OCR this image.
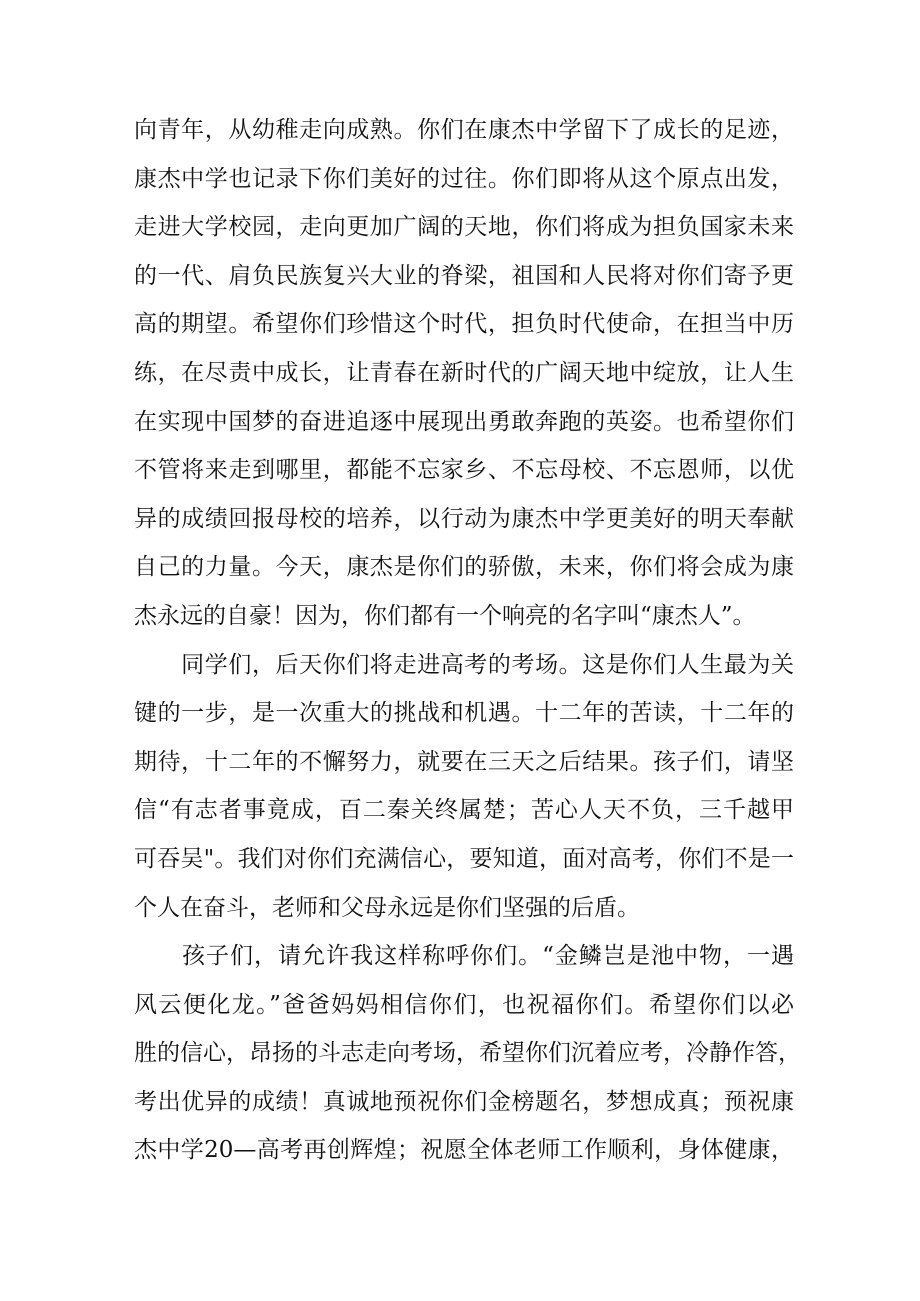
向青年，从幼稚走向成熟。你们在康杰中学留下了成长的足迹，
康杰中学也记录下你们美好的过往。你们即将从这个原点出发，
走进大学校园，走向更加广阔的天地，你们将成为担负国家未来
的一代、肩负民族复兴大业的脊梁，祖国和人民将对你们寄予更
高的期望。希望你们珍惜这个时代，担负时代使命，在担当中历
练，在尽责中成长，让青春在新时代的广阔天地中绽放，让人生
在实现中国梦的奋进追逐中展现出勇敢奔跑的英姿。也希望你们
不管将来走到哪里，都能不忘家乡、不忘母校、不忘恩师，以优
异的成绩回报母校的培养，以行动为康杰中学更美好的明天奉献
自己的力量。今天，康杰是你们的骄傲，未来，你们将会成为康
杰永远的自豪！因为，你们都有一个响亮的名字叫“康杰人”。
　　同学们，后天你们将走进高考的考场。这是你们人生最为关
键的一步，是一次重大的挑战和机遇。十二年的苦读，十二年的
期待，十二年的不懈努力，就要在三天之后结果。孩子们，请坚
信“有志者事竟成，百二秦关终属楚；苦心人天不负，三千越甲
可吞吴"。我们对你们充满信心，要知道，面对高考，你们不是一
个人在奋斗，老师和父母永远是你们坚强的后盾。
　　孩子们，请允许我这样称呼你们。“金鳞岂是池中物，一遇
风云便化龙。”爸爸妈妈相信你们，也祝福你们。希望你们以必
胜的信心，昂扬的斗志走向考场，希望你们沉着应考，冷静作答，
考出优异的成绩！真诚地预祝你们金榜题名，梦想成真；预祝康
杰中学20—高考再创辉煌；祝愿全体老师工作顺利，身体健康，
